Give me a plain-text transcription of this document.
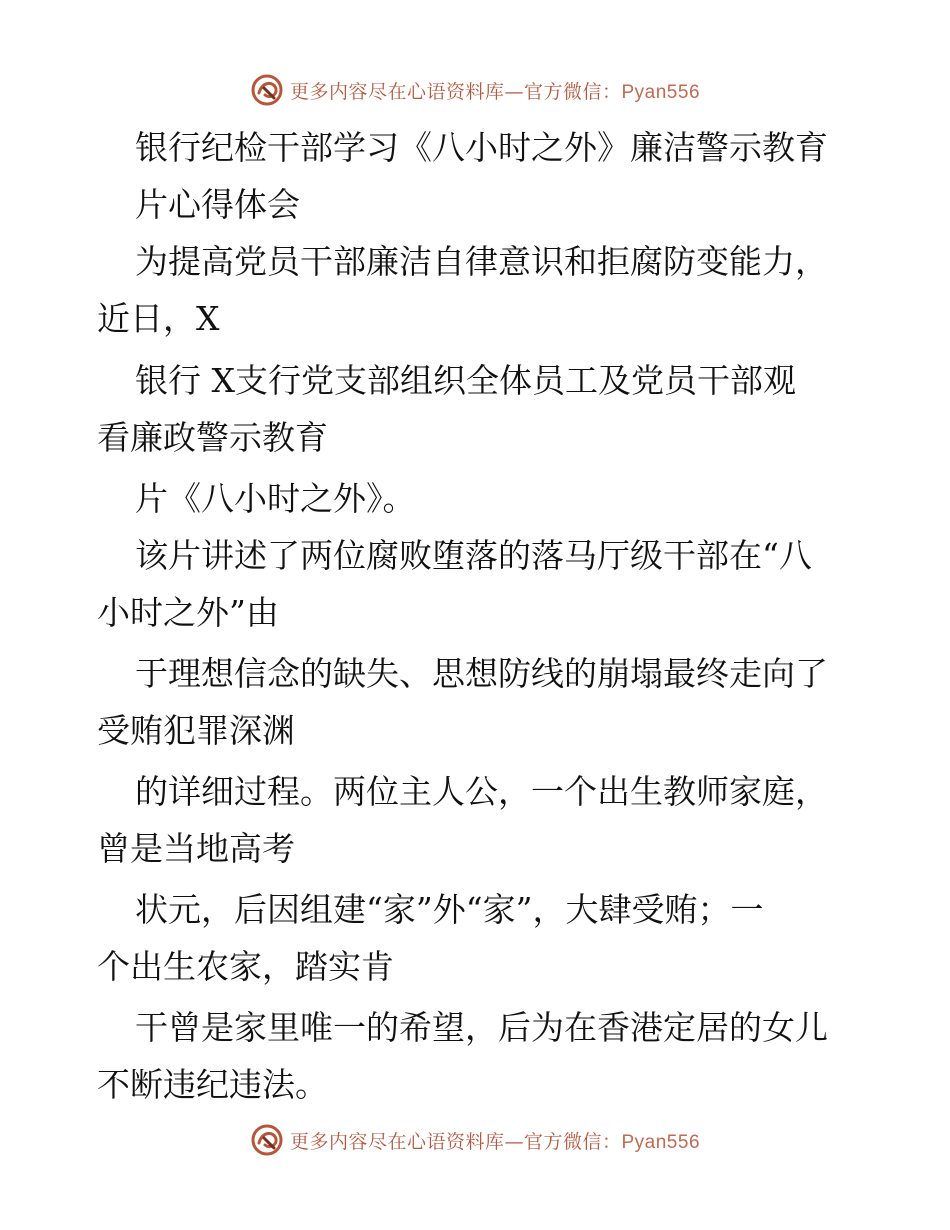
更多内容尽在心语资料库—官方微信：Pyan556
银行纪检干部学习《八小时之外》廉洁警示教育
片心得体会
为提高党员干部廉洁自律意识和拒腐防变能力，
近日，X
银行 X支行党支部组织全体员工及党员干部观
看廉政警示教育
片《八小时之外》。
该片讲述了两位腐败堕落的落马厅级干部在“八
小时之外”由
于理想信念的缺失、思想防线的崩塌最终走向了
受贿犯罪深渊
的详细过程。两位主人公，一个出生教师家庭，
曾是当地高考
状元，后因组建“家”外“家”，大肆受贿；一
个出生农家，踏实肯
干曾是家里唯一的希望，后为在香港定居的女儿
不断违纪违法。
更多内容尽在心语资料库—官方微信：Pyan556
